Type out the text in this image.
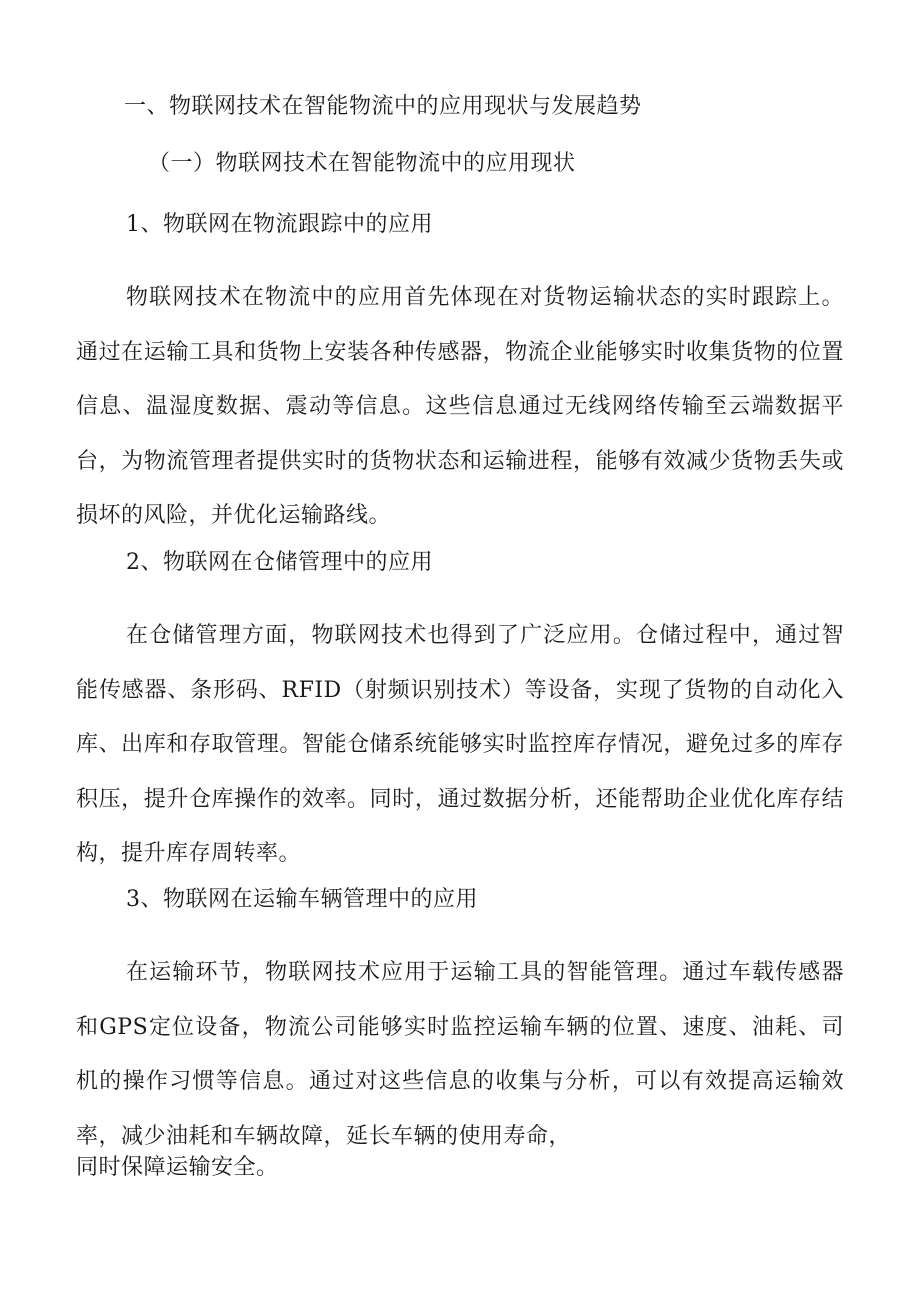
一、物联网技术在智能物流中的应用现状与发展趋势

（一）物联网技术在智能物流中的应用现状

1、物联网在物流跟踪中的应用

物联网技术在物流中的应用首先体现在对货物运输状态的实时跟踪上。通过在运输工具和货物上安装各种传感器，物流企业能够实时收集货物的位置信息、温湿度数据、震动等信息。这些信息通过无线网络传输至云端数据平台，为物流管理者提供实时的货物状态和运输进程，能够有效减少货物丢失或损坏的风险，并优化运输路线。

2、物联网在仓储管理中的应用

在仓储管理方面，物联网技术也得到了广泛应用。仓储过程中，通过智能传感器、条形码、RFID（射频识别技术）等设备，实现了货物的自动化入库、出库和存取管理。智能仓储系统能够实时监控库存情况，避免过多的库存积压，提升仓库操作的效率。同时，通过数据分析，还能帮助企业优化库存结构，提升库存周转率。

3、物联网在运输车辆管理中的应用

在运输环节，物联网技术应用于运输工具的智能管理。通过车载传感器和GPS定位设备，物流公司能够实时监控运输车辆的位置、速度、油耗、司机的操作习惯等信息。通过对这些信息的收集与分析，可以有效提高运输效率，减少油耗和车辆故障，延长车辆的使用寿命，

同时保障运输安全。
